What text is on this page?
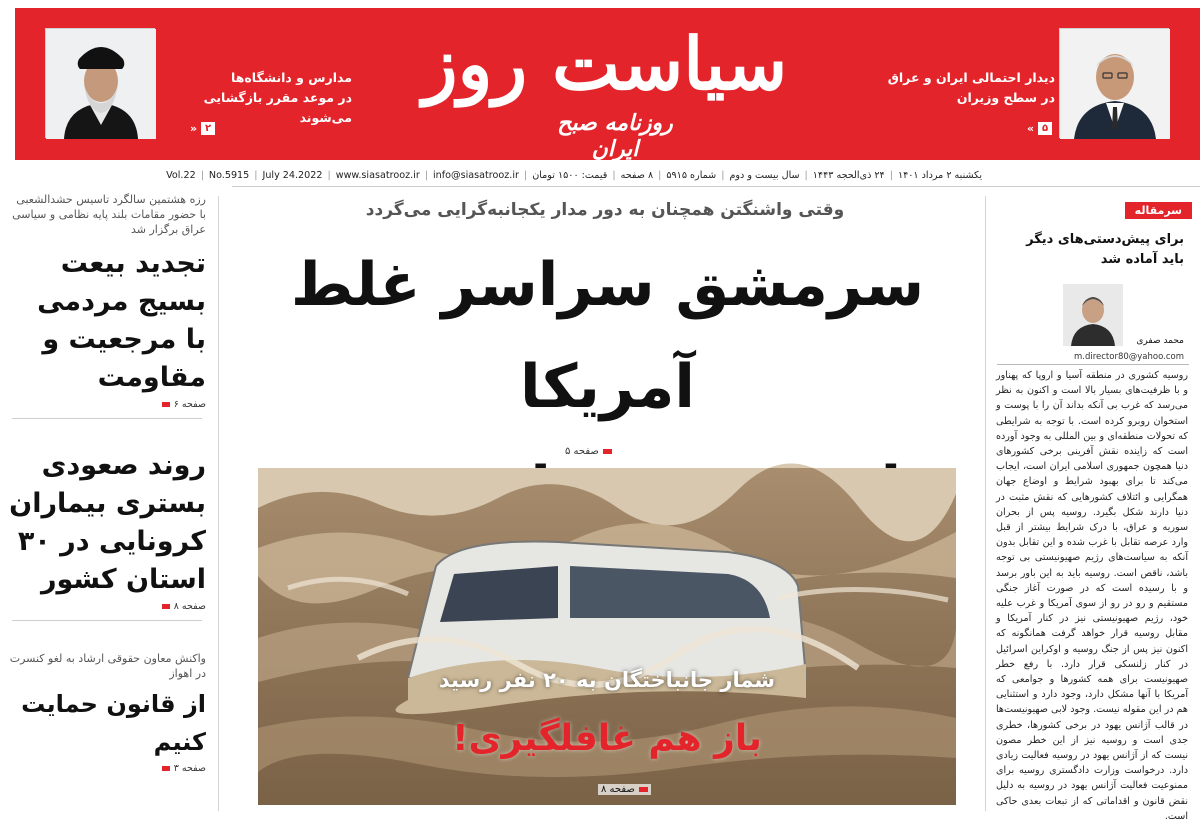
مدارس و دانشگاه‌ها
در موعد مقرر بازگشایی می‌شوند
» ۲
سیاست روز
روزنامه صبح ایران
دیدار احتمالی ایران و عراق
در سطح وزیران
« ۵
یکشنبه ۲ مرداد ۱۴۰۱
|
۲۴ ذی‌الحجه ۱۴۴۳
|
سال بیست و دوم
|
شماره ۵۹۱۵
|
۸ صفحه
|
قیمت: ۱۵۰۰ تومان
|
info@siasatrooz.ir
|
www.siasatrooz.ir
|
July 24.2022
|
No.5915
|
Vol.22
رزه هشتمین سالگرد تاسیس حشدالشعبی با حضور مقامات بلند پایه نظامی و سیاسی عراق برگزار شد
تجدید بیعت بسیج مردمی با مرجعیت و مقاومت
صفحه ۶
روند صعودی بستری بیماران کرونایی در ۳۰ استان کشور
صفحه ۸
واکنش معاون حقوقی ارشاد به لغو کنسرت در اهواز
از قانون حمایت کنیم
صفحه ۳
وقتی واشنگتن همچنان به دور مدار یکجانبه‌گرایی می‌گردد
سرمشق سراسر غلط آمریکا
صفحه ۵
شمار جانباختگان به ۲۰ نفر رسید
باز هم غافلگیری!
صفحه ۸
سرمقاله
برای پیش‌دستی‌های دیگر باید آماده شد
محمد صفری
m.director80@yahoo.com
روسیه کشوری در منطقه آسیا و اروپا که پهناور و با ظرفیت‌های بسیار بالا است و اکنون به نظر می‌رسد که غرب بی آنکه بداند آن را با پوست و استخوان روبرو کرده است. با توجه به شرایطی که تحولات منطقه‌ای و بین المللی به وجود آورده است که زاینده نقش آفرینی برخی کشورهای دنیا همچون جمهوری اسلامی ایران است، ایجاب می‌کند تا برای بهبود شرایط و اوضاع جهان همگرایی و ائتلاف کشورهایی که نقش مثبت در دنیا دارند شکل بگیرد. روسیه پس از بحران سوریه و عراق، با درک شرایط بیشتر از قبل وارد عرصه تقابل با غرب شده و این تقابل بدون آنکه به سیاست‌های رژیم صهیونیستی بی توجه باشد، ناقص است. روسیه باید به این باور برسد و با رسیده است که در صورت آغاز جنگی مستقیم و رو در رو از سوی آمریکا و غرب علیه خود، رژیم صهیونیستی نیز در کنار آمریکا و مقابل روسیه قرار خواهد گرفت همانگونه که اکنون نیز پس از جنگ روسیه و اوکراین اسرائیل در کنار زلنسکی قرار دارد. با رفع خطر صهیونیست برای همه کشورها و جوامعی که آمریکا با آنها مشکل دارد، وجود دارد و استثنایی هم در این مقوله نیست. وجود لابی صهیونیست‌ها در قالب آژانس یهود در برخی کشورها، خطری جدی است و روسیه نیز از این خطر مصون نیست که از آژانس یهود در روسیه فعالیت زیادی دارد. درخواست وزارت دادگستری روسیه برای ممنوعیت فعالیت آژانس یهود در روسیه به دلیل نقض قانون و اقداماتی که از تبعات بعدی حاکی است.
